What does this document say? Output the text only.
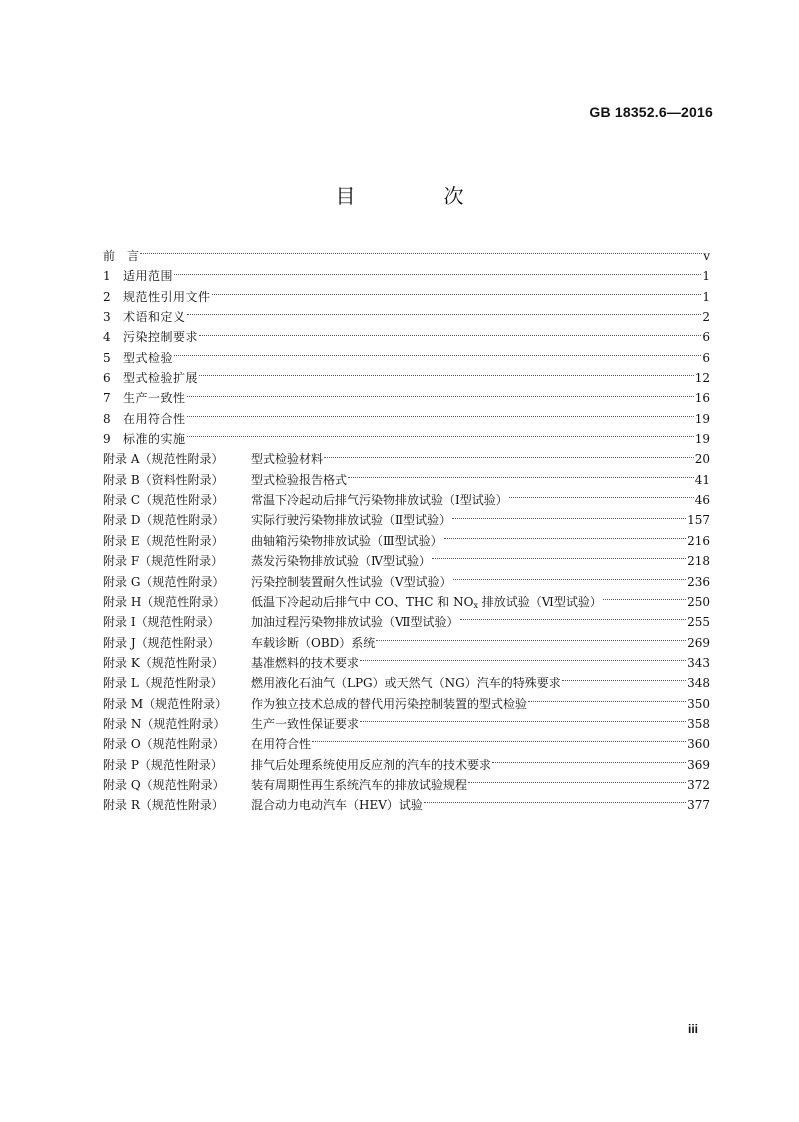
GB 18352.6—2016
目　次
前　言	v
1 适用范围	1
2 规范性引用文件	1
3 术语和定义	2
4 污染控制要求	6
5 型式检验	6
6 型式检验扩展	12
7 生产一致性	16
8 在用符合性	19
9 标准的实施	19
附录 A（规范性附录） 型式检验材料	20
附录 B（资料性附录） 型式检验报告格式	41
附录 C（规范性附录） 常温下冷起动后排气污染物排放试验（Ⅰ型试验）	46
附录 D（规范性附录） 实际行驶污染物排放试验（Ⅱ型试验）	157
附录 E（规范性附录） 曲轴箱污染物排放试验（Ⅲ型试验）	216
附录 F（规范性附录） 蒸发污染物排放试验（Ⅳ型试验）	218
附录 G（规范性附录） 污染控制装置耐久性试验（Ⅴ型试验）	236
附录 H（规范性附录） 低温下冷起动后排气中 CO、THC 和 $NO_x$ 排放试验（Ⅵ型试验）	250
附录 I（规范性附录）	加油过程污染物排放试验（Ⅶ型试验）	255
附录 J（规范性附录）	车载诊断（OBD）系统	269
附录 K（规范性附录） 基准燃料的技术要求	343
附录 L（规范性附录） 燃用液化石油气（LPG）或天然气（NG）汽车的特殊要求	348
附录 M（规范性附录） 作为独立技术总成的替代用污染控制装置的型式检验	350
附录 N（规范性附录） 生产一致性保证要求	358
附录 O（规范性附录） 在用符合性	360
附录 P（规范性附录） 排气后处理系统使用反应剂的汽车的技术要求	369
附录 Q（规范性附录） 装有周期性再生系统汽车的排放试验规程	372
附录 R（规范性附录） 混合动力电动汽车（HEV）试验	377
iii
